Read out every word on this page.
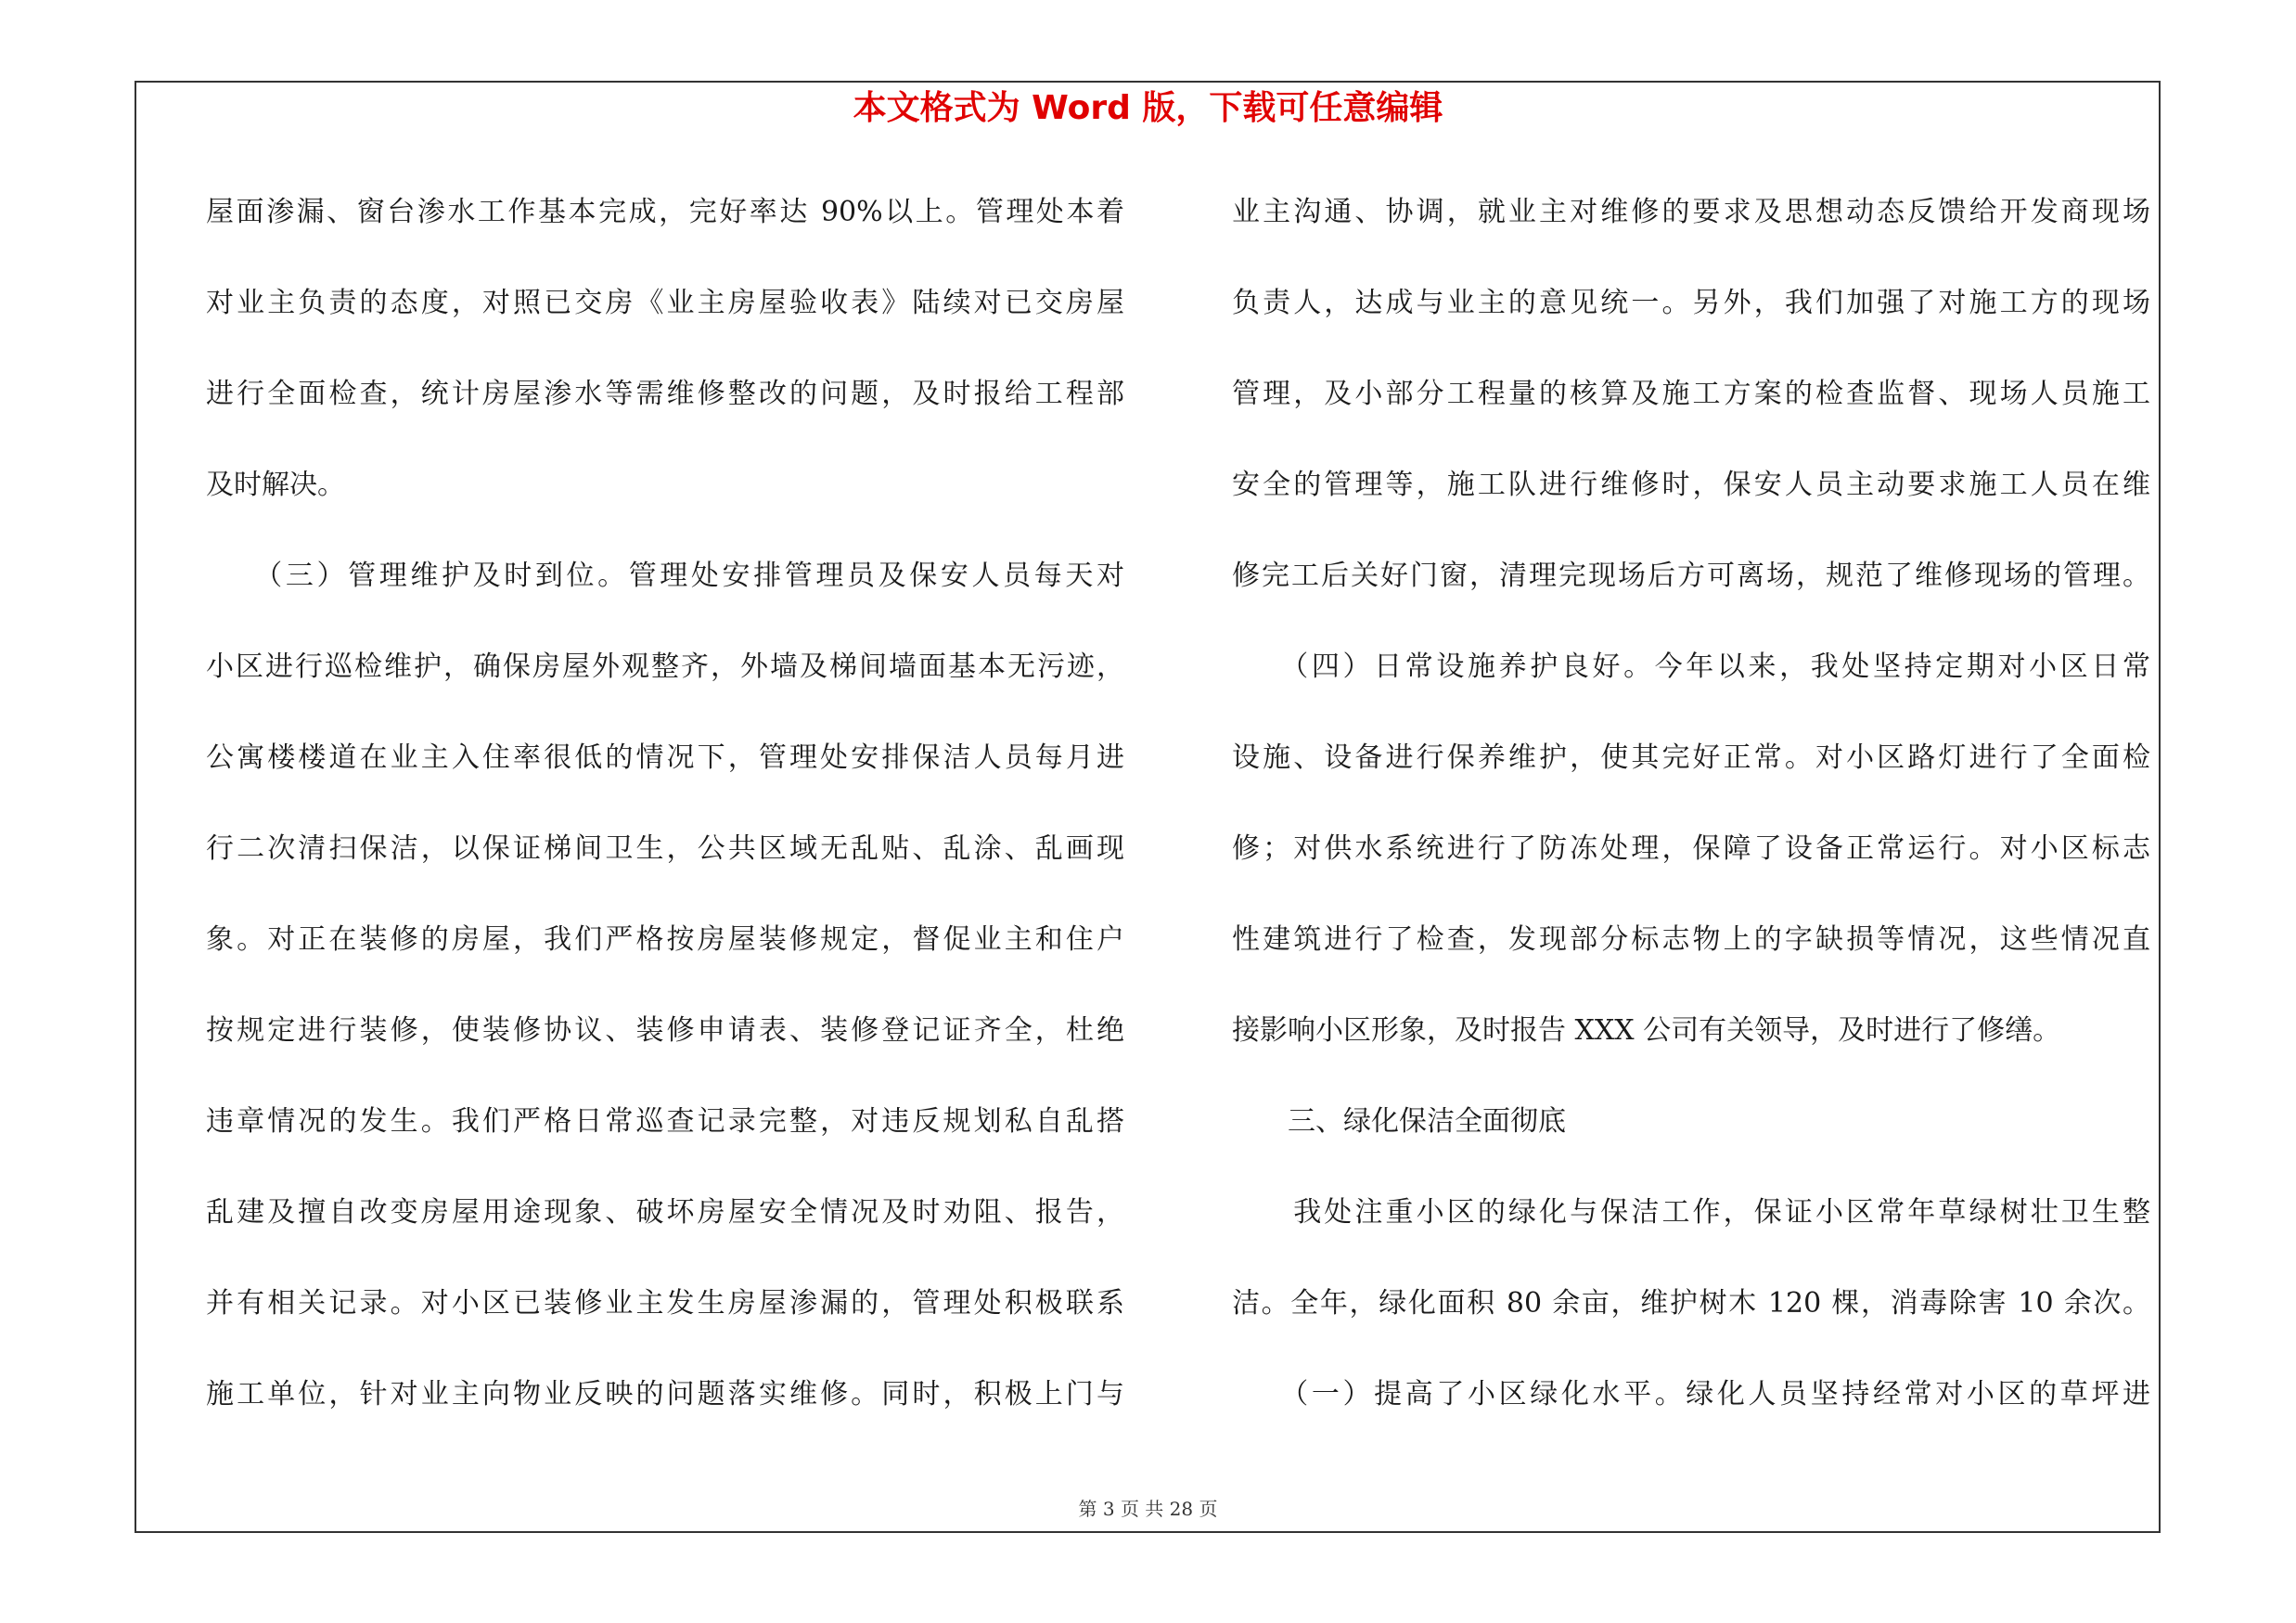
本文格式为 Word 版，下载可任意编辑
屋面渗漏、窗台渗水工作基本完成，完好率达 90%以上。管理处本着
对业主负责的态度，对照已交房《业主房屋验收表》陆续对已交房屋
进行全面检查，统计房屋渗水等需维修整改的问题，及时报给工程部
及时解决。
　　（三）管理维护及时到位。管理处安排管理员及保安人员每天对
小区进行巡检维护，确保房屋外观整齐，外墙及梯间墙面基本无污迹，
公寓楼楼道在业主入住率很低的情况下，管理处安排保洁人员每月进
行二次清扫保洁，以保证梯间卫生，公共区域无乱贴、乱涂、乱画现
象。对正在装修的房屋，我们严格按房屋装修规定，督促业主和住户
按规定进行装修，使装修协议、装修申请表、装修登记证齐全，杜绝
违章情况的发生。我们严格日常巡查记录完整，对违反规划私自乱搭
乱建及擅自改变房屋用途现象、破坏房屋安全情况及时劝阻、报告，
并有相关记录。对小区已装修业主发生房屋渗漏的，管理处积极联系
施工单位，针对业主向物业反映的问题落实维修。同时，积极上门与
业主沟通、协调，就业主对维修的要求及思想动态反馈给开发商现场
负责人，达成与业主的意见统一。另外，我们加强了对施工方的现场
管理，及小部分工程量的核算及施工方案的检查监督、现场人员施工
安全的管理等，施工队进行维修时，保安人员主动要求施工人员在维
修完工后关好门窗，清理完现场后方可离场，规范了维修现场的管理。
　　（四）日常设施养护良好。今年以来，我处坚持定期对小区日常
设施、设备进行保养维护，使其完好正常。对小区路灯进行了全面检
修；对供水系统进行了防冻处理，保障了设备正常运行。对小区标志
性建筑进行了检查，发现部分标志物上的字缺损等情况，这些情况直
接影响小区形象，及时报告 XXX 公司有关领导，及时进行了修缮。
　　三、绿化保洁全面彻底
　　我处注重小区的绿化与保洁工作，保证小区常年草绿树壮卫生整
洁。全年，绿化面积 80 余亩，维护树木 120 棵，消毒除害 10 余次。
　　（一）提高了小区绿化水平。绿化人员坚持经常对小区的草坪进
第 3 页 共 28 页
